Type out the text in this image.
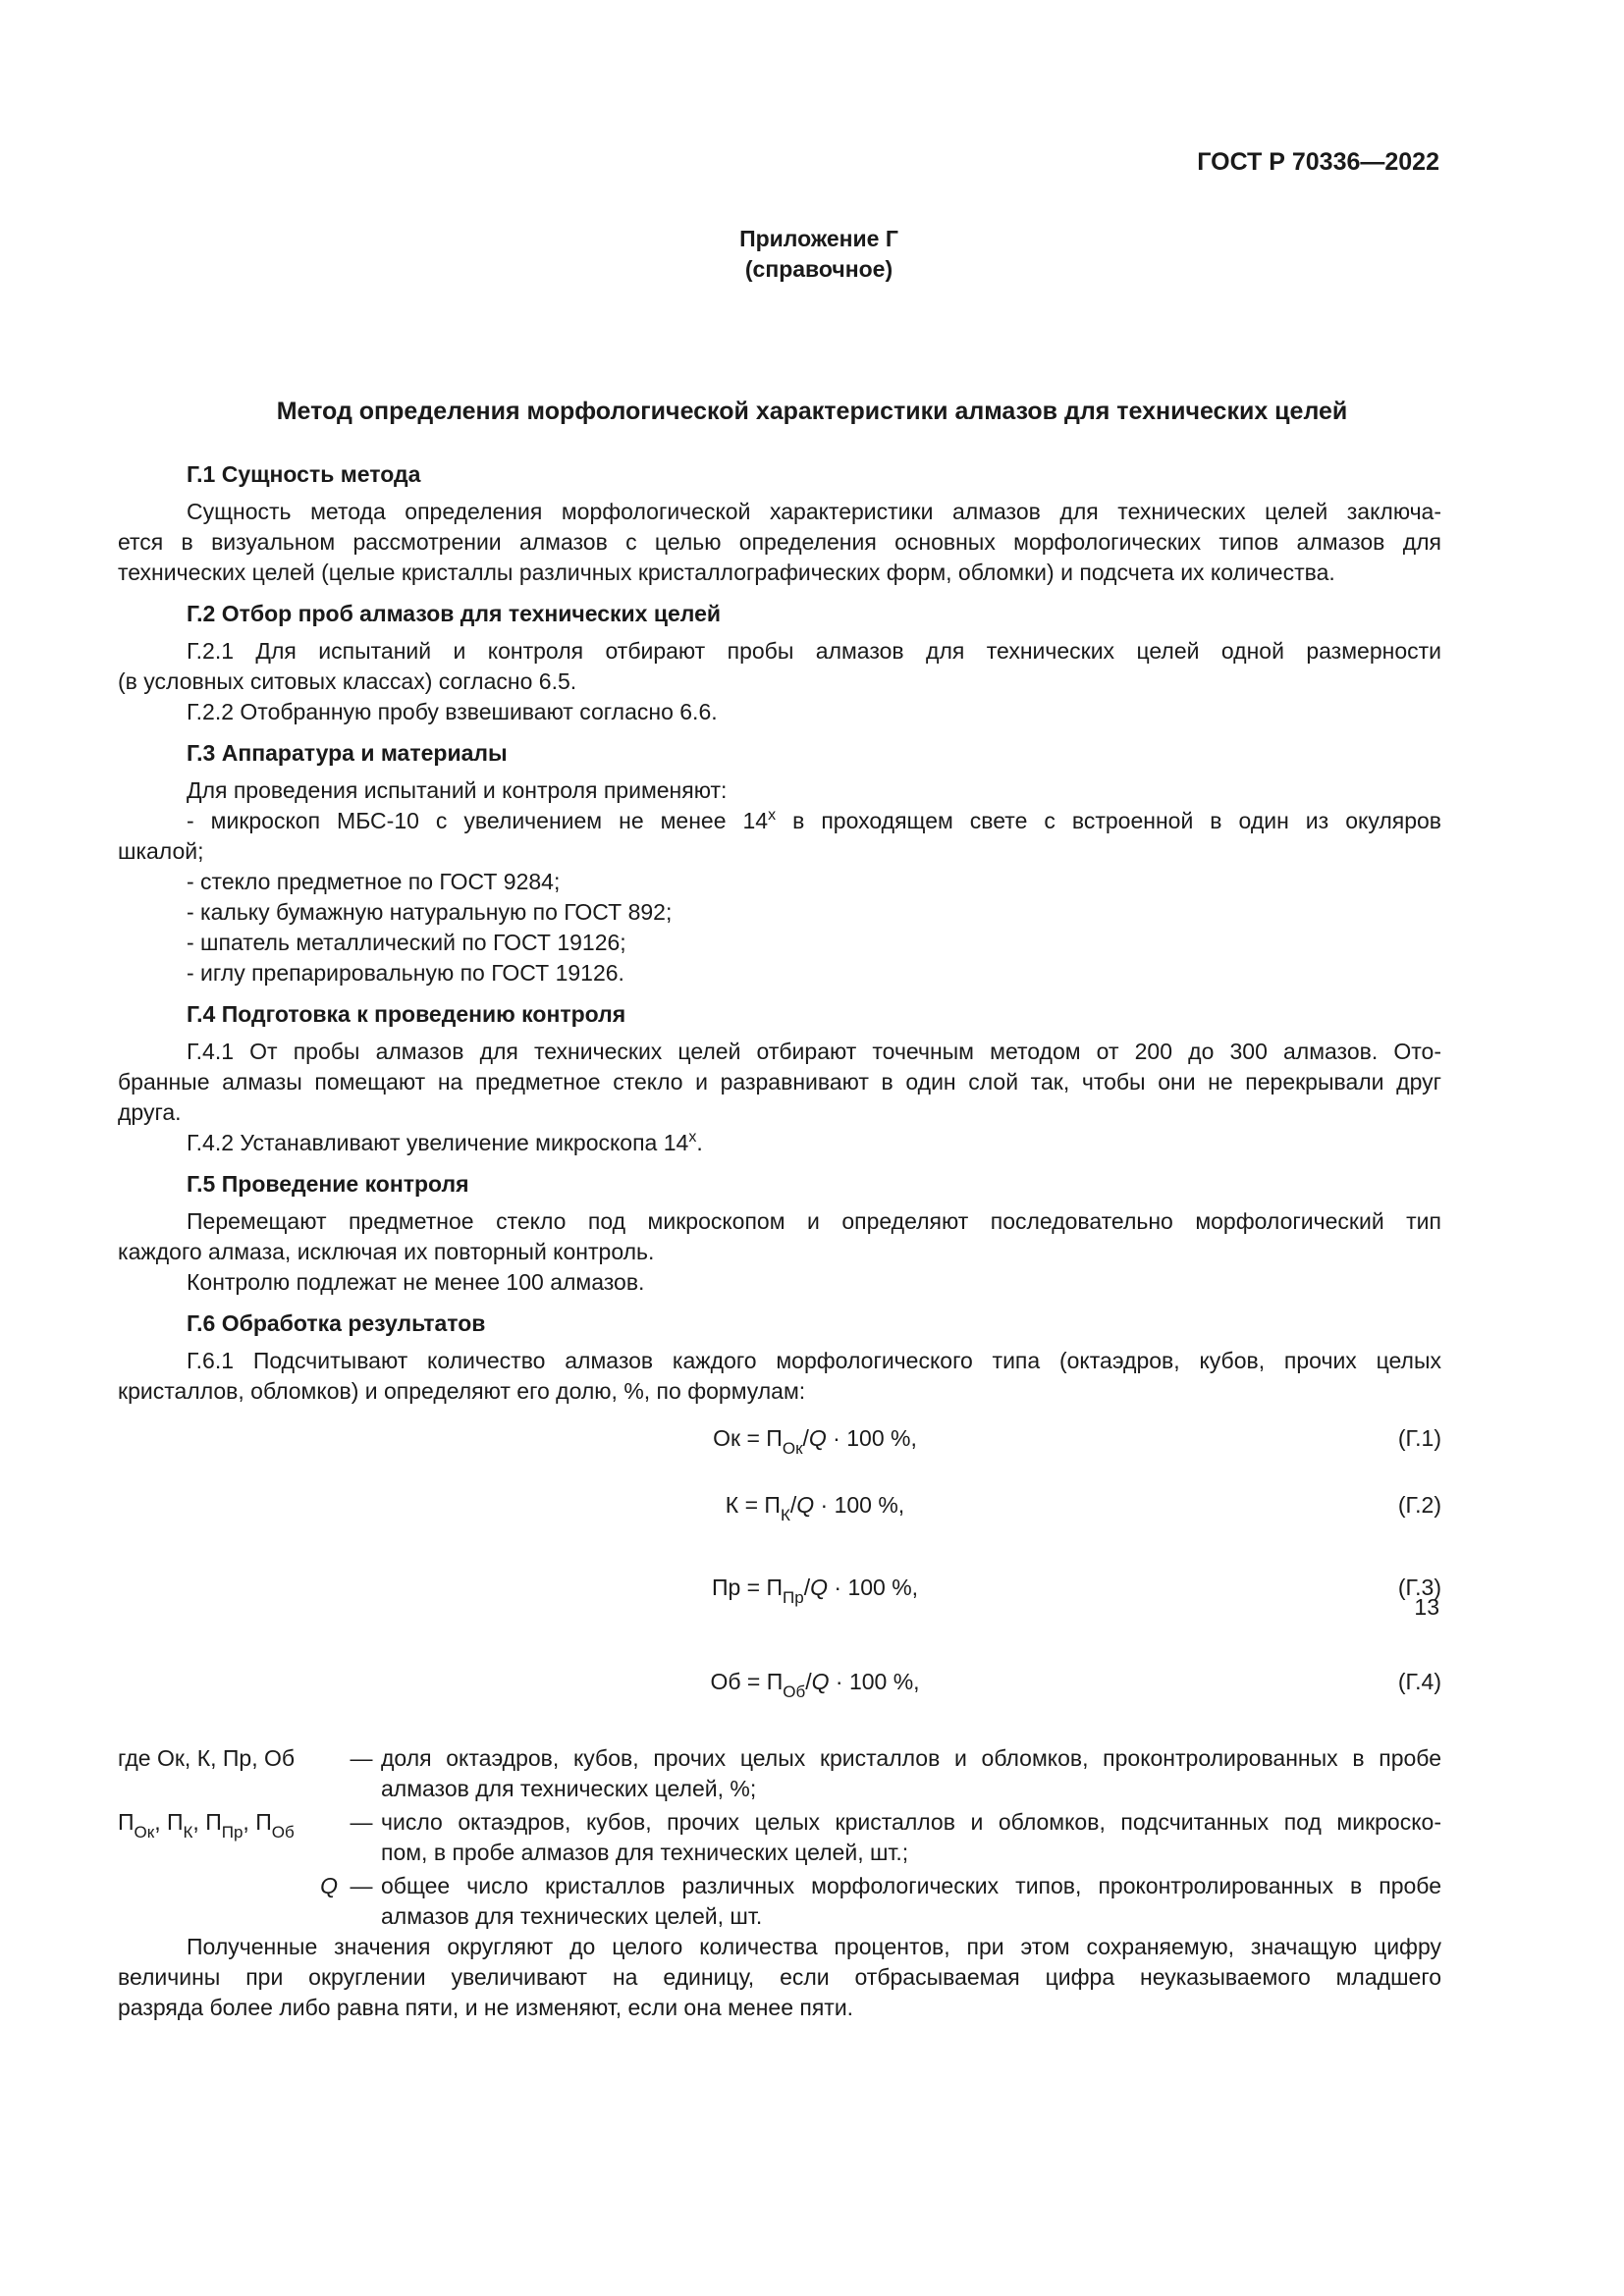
ГОСТ Р 70336—2022
Приложение Г
(справочное)
Метод определения морфологической характеристики алмазов для технических целей
Г.1 Сущность метода
Сущность метода определения морфологической характеристики алмазов для технических целей заключа-
ется в визуальном рассмотрении алмазов с целью определения основных морфологических типов алмазов для
технических целей (целые кристаллы различных кристаллографических форм, обломки) и подсчета их количества.
Г.2 Отбор проб алмазов для технических целей
Г.2.1 Для испытаний и контроля отбирают пробы алмазов для технических целей одной размерности
(в условных ситовых классах) согласно 6.5.
Г.2.2 Отобранную пробу взвешивают согласно 6.6.
Г.3 Аппаратура и материалы
Для проведения испытаний и контроля применяют:
- микроскоп МБС-10 с увеличением не менее $14^х$ в проходящем свете с встроенной в один из окуляров
шкалой;
- стекло предметное по ГОСТ 9284;
- кальку бумажную натуральную по ГОСТ 892;
- шпатель металлический по ГОСТ 19126;
- иглу препарировальную по ГОСТ 19126.
Г.4 Подготовка к проведению контроля
Г.4.1 От пробы алмазов для технических целей отбирают точечным методом от 200 до 300 алмазов. Ото-
бранные алмазы помещают на предметное стекло и разравнивают в один слой так, чтобы они не перекрывали друг
друга.
Г.4.2 Устанавливают увеличение микроскопа $14^х$.
Г.5 Проведение контроля
Перемещают предметное стекло под микроскопом и определяют последовательно морфологический тип
каждого алмаза, исключая их повторный контроль.
Контролю подлежат не менее 100 алмазов.
Г.6 Обработка результатов
Г.6.1 Подсчитывают количество алмазов каждого морфологического типа (октаэдров, кубов, прочих целых
кристаллов, обломков) и определяют его долю, %, по формулам:
Ок = $П_{Ок}/Q \cdot 100$ %,	(Г.1)
$К = П_К/Q \cdot 100$ %,	(Г.2)
Пр = $П_{Пр}/Q \cdot 100$ %,	(Г.3)
Об = $П_{Об}/Q \cdot 100$ %,	(Г.4)
где Ок, К, Пр, Об	— доля октаэдров, кубов, прочих целых кристаллов и обломков, проконтролированных в пробе
алмазов для технических целей, %;
$П_{Ок}$, $П_К$, $П_{Пр}$, $П_{Об}$	— число октаэдров, кубов, прочих целых кристаллов и обломков, подсчитанных под микроско-
пом, в пробе алмазов для технических целей, шт.;
Q — общее число кристаллов различных морфологических типов, проконтролированных в пробе
алмазов для технических целей, шт.
Полученные значения округляют до целого количества процентов, при этом сохраняемую, значащую цифру
величины при округлении увеличивают на единицу, если отбрасываемая цифра неуказываемого младшего
разряда более либо равна пяти, и не изменяют, если она менее пяти.
13
